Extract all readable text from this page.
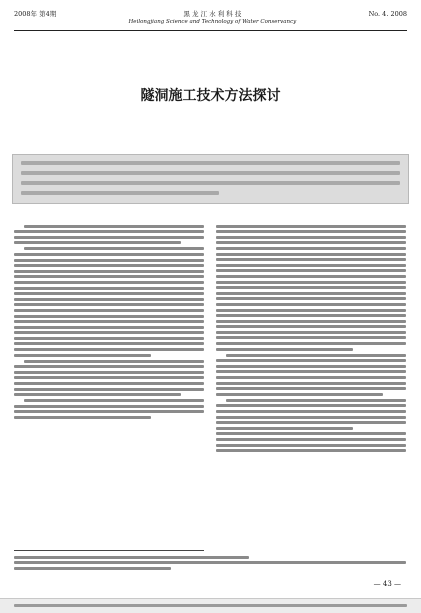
2008年 第4期	黑 龙 江 水 利 科 技
Heilongjiang Science and Technology of Water Conservancy
No. 4. 2008
隧洞施工技术方法探讨
— 43 —
